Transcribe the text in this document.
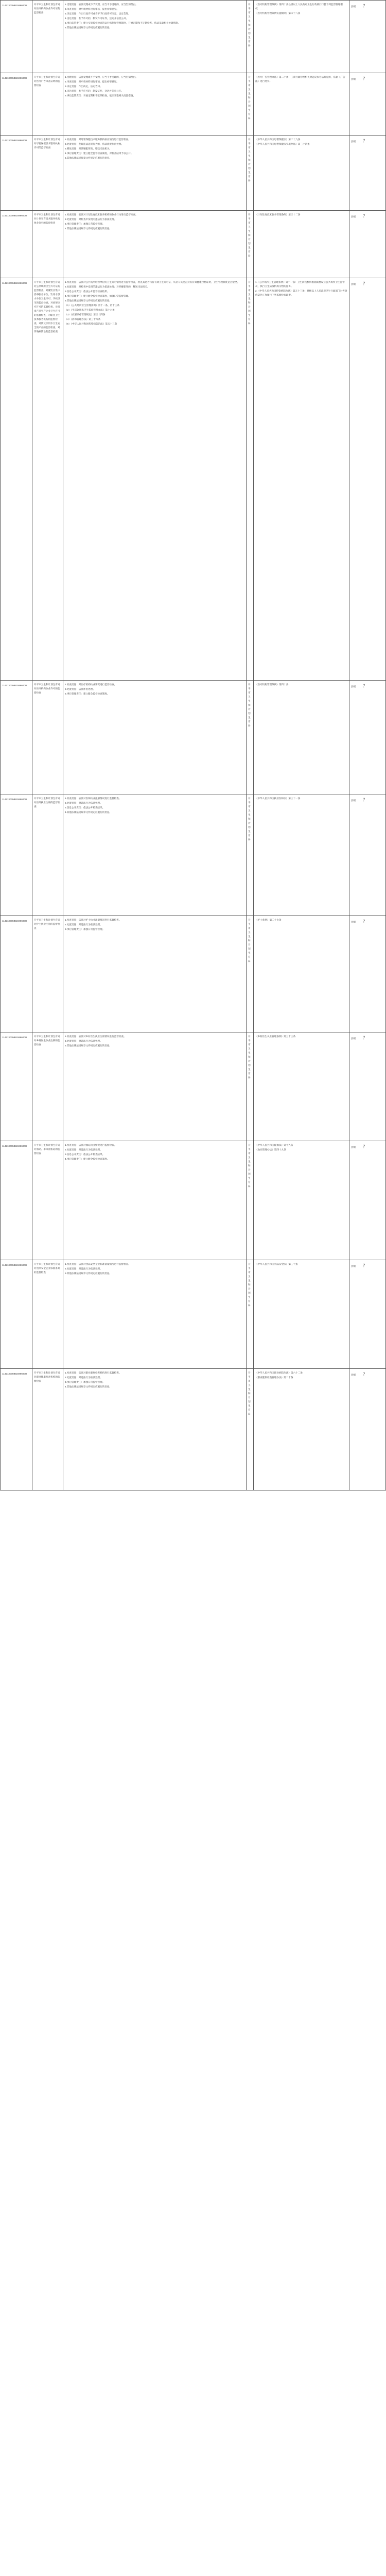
11421300MB1599600U	开平市卫生和计划生育局对医疗机构执业许可证的监督检查
1.受理责任：依法受理或不予受理，应当不予受理的，应当告知理由。
2.审查责任：对申请材料进行审核，提出初审意见。
3.决定责任：作出行政许可或者不予行政许可决定，法定告知。
4.送达责任：准予许可的，制发许可证件，送达并信息公开。
5.事后监管责任：建立实施监督检查的运行机制和管理制度，开展定期和不定期检查，依法采取相关处置措施。
6.其他法律法规规章文件规定应履行的责任。
开平市卫生和计划生育局
《医疗机构管理条例》第四十条县级以上人民政府卫生行政部门行使下列监督管理职权：……
《医疗机构管理条例实施细则》第六十八条
县级 ？
11421300MB1599600U	开平市卫生和计划生育局对医疗广告审查证明的监督检查
1.受理责任：依法受理或不予受理，应当不予受理的，应当告知理由。
2.审查责任：对申请材料进行审核，提出初审意见。
3.决定责任：作出决定，法定告知。
4.送达责任：准予许可的，制发证件，送达并信息公开。
5.事后监管责任：开展定期和不定期检查，依法采取相关处置措施。
开平市卫生和计划生育局
《医疗广告管理办法》第二十条：工商行政管理机关对违反本办法规定的，依据《广告法》进行处罚。
县级 ？
11421300MB1599600U	开平市卫生和计划生育局对母婴保健技术服务执业许可的监督检查
1.检查责任：对母婴保健技术服务机构执业情况进行监督检查。
2.处置责任：发现违法违规行为的，依法依规作出处理。
3.移送责任：对涉嫌犯罪的，移送司法机关。
4.事后管理责任：建立健全监督检查制度，对检查结果予以公开。
5.其他法律法规规章文件规定应履行的责任。
开平市卫生和计划生育局
《中华人民共和国母婴保健法》第二十九条
《中华人民共和国母婴保健法实施办法》第三十四条
县级 ？
11421300MB1599600U	开平市卫生和计划生育局对计划生育技术服务机构执业许可的监督检查
1.检查责任：依法对计划生育技术服务机构的执业行为进行监督检查。
2.处置责任：对检查中发现的违法行为依法处理。
3.事后管理责任：加强日常监督管理。
4.其他法律法规规章文件规定应履行的责任。
开平市卫生和计划生育局
《计划生育技术服务管理条例》第三十二条
县级 ？
11421300MB1599600U	开平市卫生和计划生育局对公共场所卫生许可证的监督检查，对餐饮具集中消毒服务单位、饮用水供水单位卫生许可、学校卫生的监督检查，对放射诊疗许可的监督检查，对消毒产品生产企业卫生许可的监督检查，对职业卫生技术服务机构的监督检查，对涉及饮用水卫生安全的产品的监督检查，对传染病防治的监督检查
1.检查责任：依法对公共场所经营单位的卫生许可情况进行监督检查，检查其是否持有有效卫生许可证，从业人员是否持有有效健康合格证明，卫生管理制度是否健全。
2.处置责任：对检查中发现的违法行为依法处理；对涉嫌犯罪的，移送司法机关。
3.信息公开责任：依法公开监督检查结果。
4.事后管理责任：建立健全监督检查制度，加强日常监督管理。
5.其他法律法规规章文件规定应履行的责任。
（1）《公共场所卫生管理条例》第十一条、第十三条
（2）《生活饮用水卫生监督管理办法》第十六条
（3）《放射诊疗管理规定》第三十四条
（4）《消毒管理办法》第三十四条
（5）《中华人民共和国传染病防治法》第五十三条
开平市卫生和计划生育局
1.《公共场所卫生管理条例》第十一条：卫生防疫机构根据需要设立公共场所卫生监督员，执行卫生防疫机构交给的任务。
2.《中华人民共和国传染病防治法》第五十三条：县级以上人民政府卫生行政部门对传染病防治工作履行下列监督检查职责。
县级 ？
11421300MB1599600U	开平市卫生和计划生育局对医疗机构执业许可的监督检查
1.检查责任：对医疗机构执业情况进行监督检查。
2.处置责任：依法作出处理。
3.事后管理责任：建立健全监督检查制度。
开平市卫生和计划生育局
《医疗机构管理条例》第四十条
县级 ？
11421300MB1599600U	开平市卫生和计划生育局对医师执业注册的监督检查
1.检查责任：依法对医师执业注册情况进行监督检查。
2.处置责任：对违法行为依法处理。
3.信息公开责任：依法公开检查结果。
4.其他法律法规规章文件规定应履行的责任。
开平市卫生和计划生育局
《中华人民共和国执业医师法》第三十一条
县级 ？
11421300MB1599600U	开平市卫生和计划生育局对护士执业注册的监督检查
1.检查责任：依法对护士执业注册情况进行监督检查。
2.处置责任：对违法行为依法处理。
3.事后管理责任：加强日常监督管理。
开平市卫生和计划生育局
《护士条例》第二十七条
县级 ？
11421300MB1599600U	开平市卫生和计划生育局对乡村医生执业注册的监督检查
1.检查责任：依法对乡村医生执业注册情况进行监督检查。
2.处置责任：对违法行为依法处理。
3.其他法律法规规章文件规定应履行的责任。
开平市卫生和计划生育局
《乡村医生从业管理条例》第三十三条
县级 ？
11421300MB1599600U	开平市卫生和计划生育局对血站、单采血浆站的监督检查
1.检查责任：依法对血站执业情况进行监督检查。
2.处置责任：对违法行为依法处理。
3.信息公开责任：依法公开检查结果。
4.事后管理责任：建立健全监督检查制度。
开平市卫生和计划生育局
《中华人民共和国献血法》第十九条
《血站管理办法》第四十九条
县级 ？
11421300MB1599600U	开平市卫生和计划生育局对食品安全企业标准备案的监督检查
1.检查责任：依法对食品安全企业标准备案情况进行监督检查。
2.处置责任：对违法行为依法处理。
3.其他法律法规规章文件规定应履行的责任。
开平市卫生和计划生育局
《中华人民共和国食品安全法》第三十条
县级 ？
11421300MB1599600U	开平市卫生和计划生育局对职业健康检查机构的监督检查
1.检查责任：依法对职业健康检查机构进行监督检查。
2.处置责任：对违法行为依法处理。
3.事后管理责任：加强日常监督管理。
4.其他法律法规规章文件规定应履行的责任。
开平市卫生和计划生育局
《中华人民共和国职业病防治法》第六十二条
《职业健康检查管理办法》第二十条
县级 ？
